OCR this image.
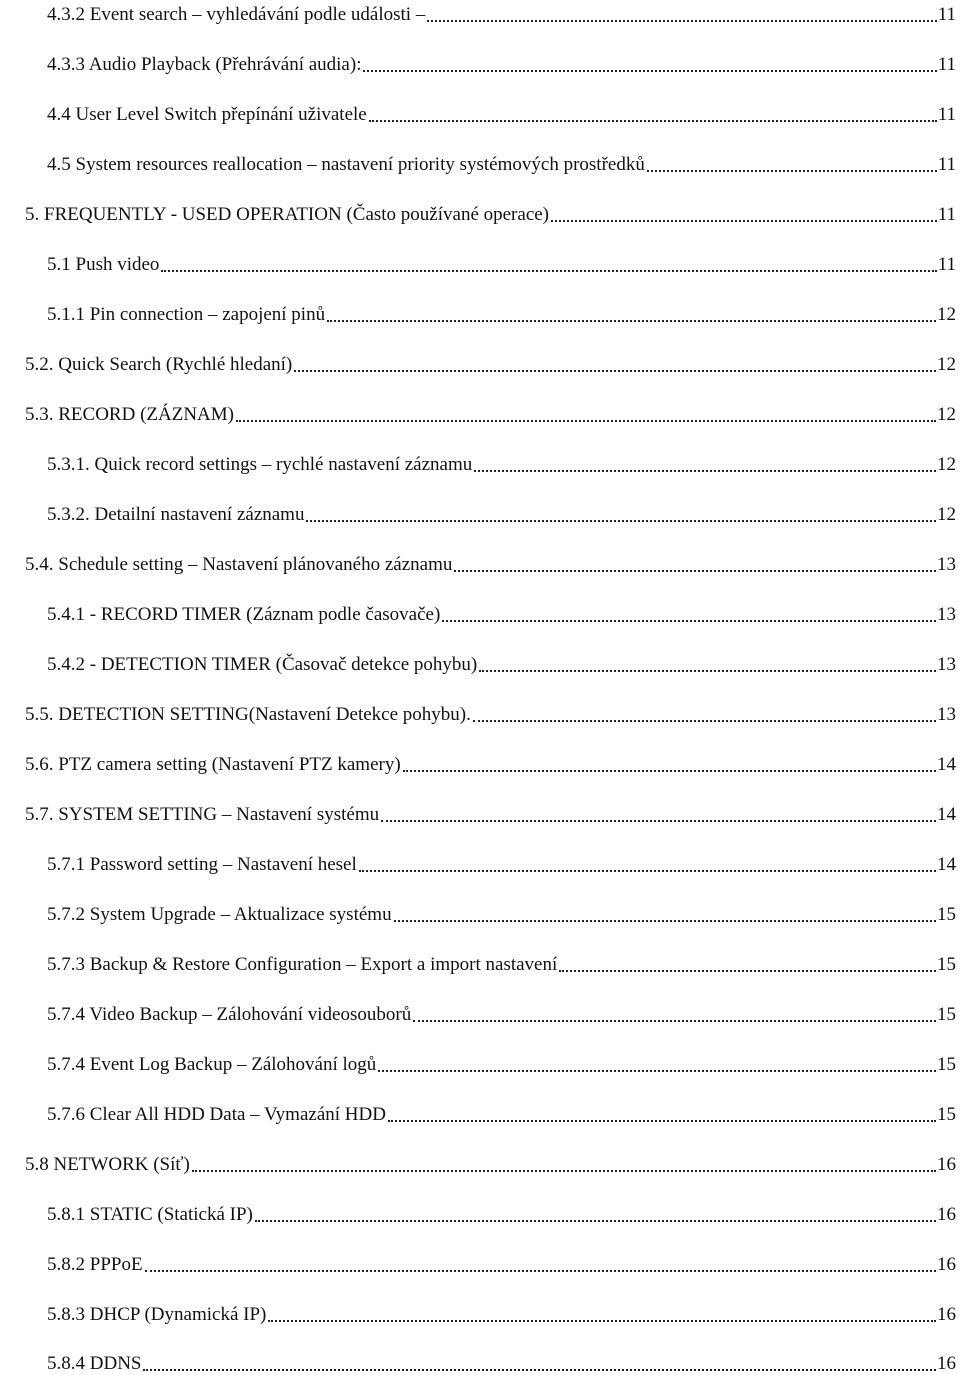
4.3.2 Event search – vyhledávání podle události –	11
4.3.3 Audio Playback (Přehrávání audia):	11
4.4 User Level Switch přepínání uživatele	11
4.5 System resources reallocation – nastavení priority systémových prostředků	11
5. FREQUENTLY - USED OPERATION (Často používané operace)	11
5.1 Push video	11
5.1.1 Pin connection – zapojení pinů	12
5.2. Quick Search (Rychlé hledaní)	12
5.3. RECORD (ZÁZNAM)	12
5.3.1. Quick record settings – rychlé nastavení záznamu	12
5.3.2. Detailní nastavení záznamu	12
5.4. Schedule setting – Nastavení plánovaného záznamu	13
5.4.1 - RECORD TIMER (Záznam podle časovače)	13
5.4.2 - DETECTION TIMER (Časovač detekce pohybu)	13
5.5. DETECTION SETTING(Nastavení Detekce pohybu).	13
5.6. PTZ camera setting (Nastavení PTZ kamery)	14
5.7. SYSTEM SETTING – Nastavení systému	14
5.7.1 Password setting – Nastavení hesel	14
5.7.2 System Upgrade – Aktualizace systému	15
5.7.3 Backup & Restore Configuration – Export a import nastavení	15
5.7.4 Video Backup – Zálohování videosouborů	15
5.7.4 Event Log Backup – Zálohování logů	15
5.7.6 Clear All HDD Data – Vymazání HDD	15
5.8 NETWORK (Síť)	16
5.8.1 STATIC (Statická IP)	16
5.8.2 PPPoE	16
5.8.3 DHCP (Dynamická IP)	16
5.8.4 DDNS	16
